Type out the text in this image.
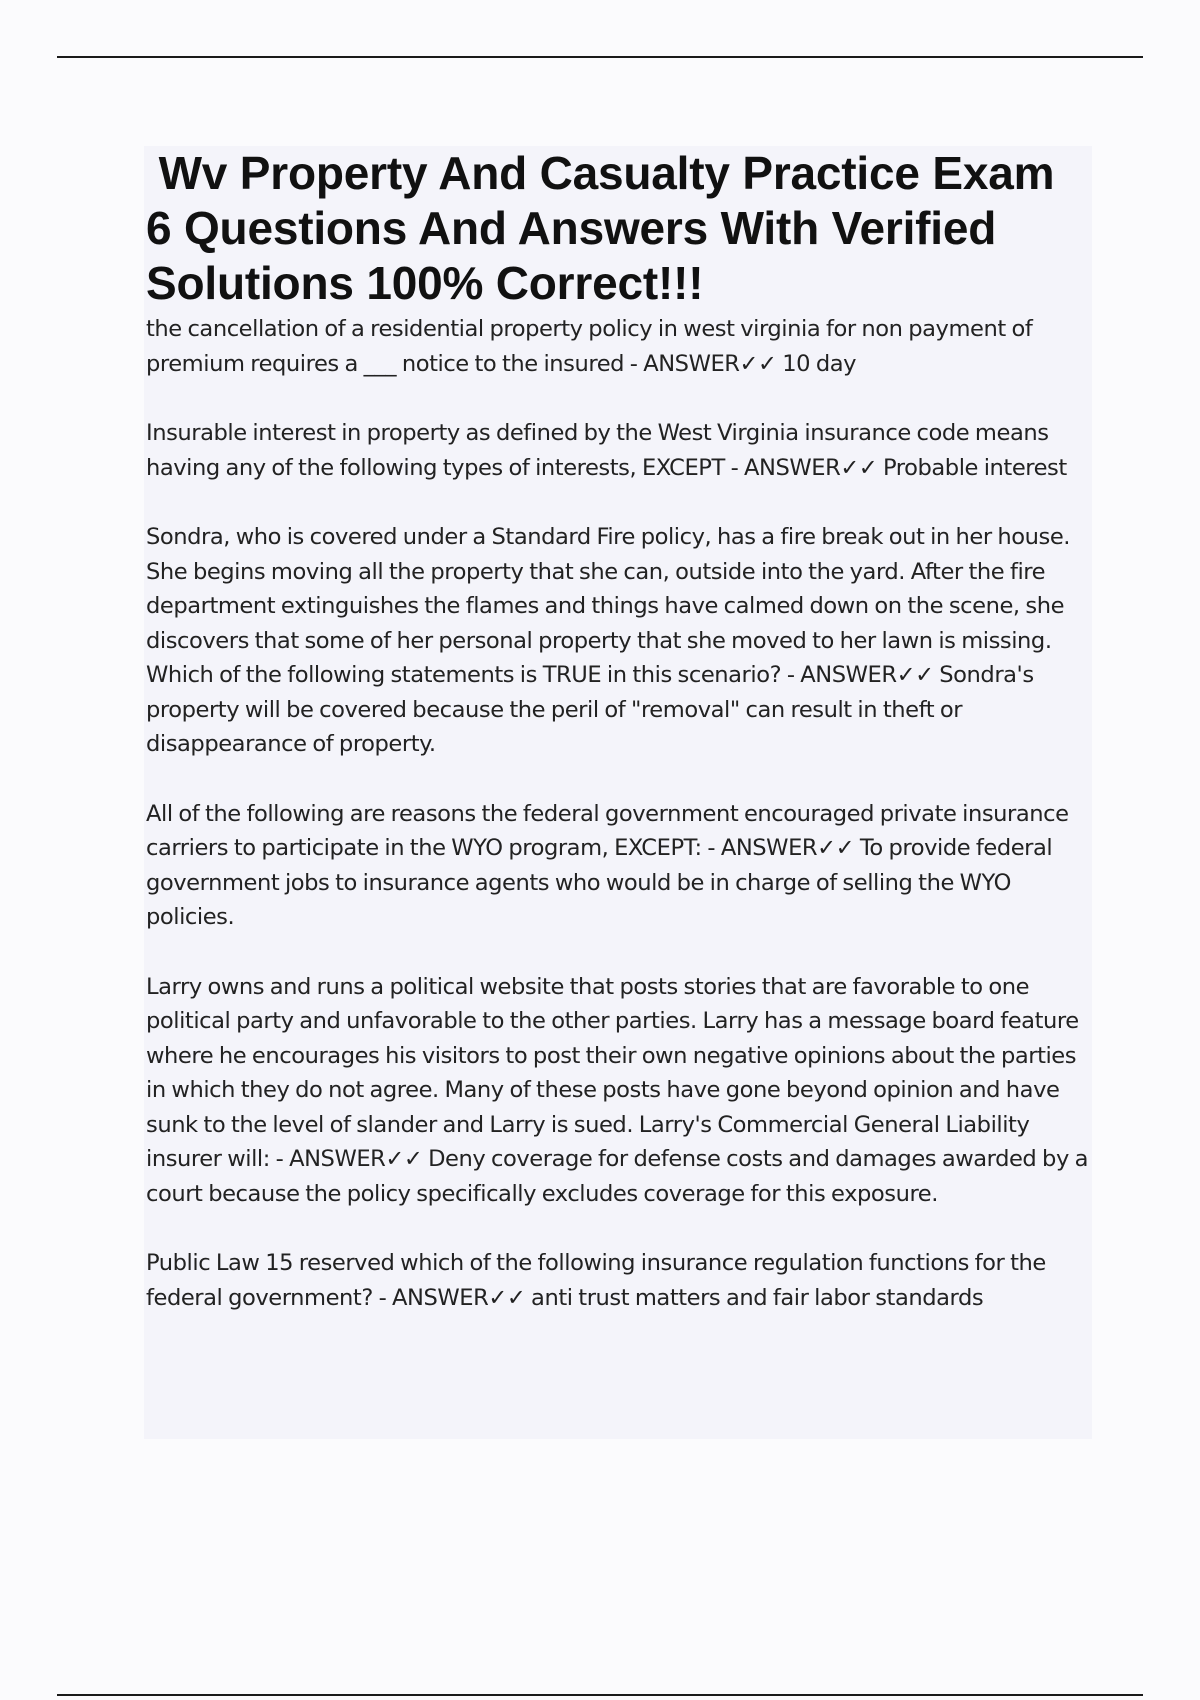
Wv Property And Casualty Practice Exam 6 Questions And Answers With Verified Solutions 100% Correct!!!

the cancellation of a residential property policy in west virginia for non payment of premium requires a ___ notice to the insured - ANSWER✓✓ 10 day

Insurable interest in property as defined by the West Virginia insurance code means having any of the following types of interests, EXCEPT - ANSWER✓✓ Probable interest

Sondra, who is covered under a Standard Fire policy, has a fire break out in her house. She begins moving all the property that she can, outside into the yard. After the fire department extinguishes the flames and things have calmed down on the scene, she discovers that some of her personal property that she moved to her lawn is missing. Which of the following statements is TRUE in this scenario? - ANSWER✓✓ Sondra's property will be covered because the peril of "removal" can result in theft or disappearance of property.

All of the following are reasons the federal government encouraged private insurance carriers to participate in the WYO program, EXCEPT: - ANSWER✓✓ To provide federal government jobs to insurance agents who would be in charge of selling the WYO policies.

Larry owns and runs a political website that posts stories that are favorable to one political party and unfavorable to the other parties. Larry has a message board feature where he encourages his visitors to post their own negative opinions about the parties in which they do not agree. Many of these posts have gone beyond opinion and have sunk to the level of slander and Larry is sued. Larry's Commercial General Liability insurer will: - ANSWER✓✓ Deny coverage for defense costs and damages awarded by a court because the policy specifically excludes coverage for this exposure.

Public Law 15 reserved which of the following insurance regulation functions for the federal government? - ANSWER✓✓ anti trust matters and fair labor standards
